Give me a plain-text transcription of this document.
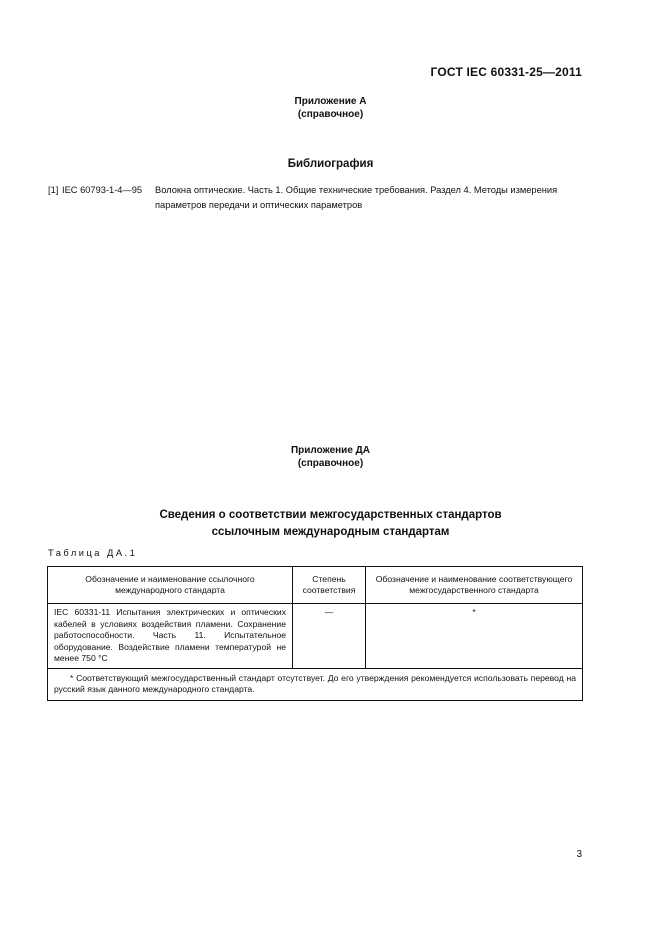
ГОСТ IEC 60331-25—2011
Приложение А
(справочное)
Библиография
[1] IEC 60793-1-4—95 Волокна оптические. Часть 1. Общие технические требования. Раздел 4. Методы измерения
параметров передачи и оптических параметров
Приложение ДА
(справочное)
Сведения о соответствии межгосударственных стандартов
ссылочным международным стандартам
Таблица ДА.1
Обозначение и наименование ссылочного международного стандарта	Степень соответствия	Обозначение и наименование соответствующего межгосударственного стандарта
IEC 60331-11 Испытания электрических и оптических кабелей в условиях воздействия пламени. Сохранение работоспособности. Часть 11. Испытательное оборудование. Воздействие пламени температурой не менее 750 °С	—	*
* Соответствующий межгосударственный стандарт отсутствует. До его утверждения рекомендуется использовать перевод на русский язык данного международного стандарта.		
3
